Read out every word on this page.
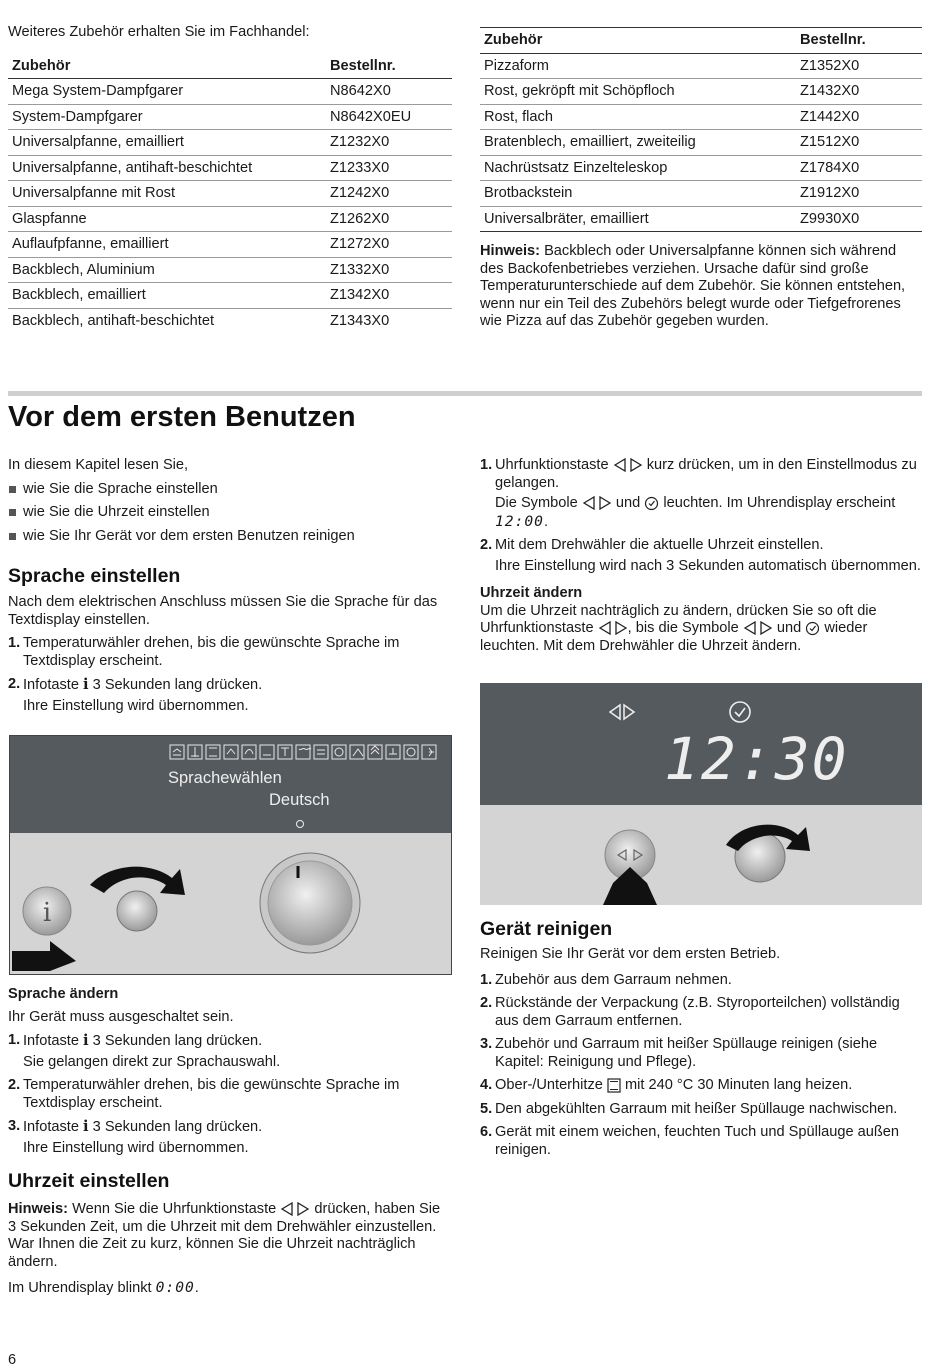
Weiteres Zubehör erhalten Sie im Fachhandel:

Zubehör	Bestellnr.
Mega System-Dampfgarer	N8642X0
System-Dampfgarer	N8642X0EU
Universalpfanne, emailliert	Z1232X0
Universalpfanne, antihaft-beschichtet	Z1233X0
Universalpfanne mit Rost	Z1242X0
Glaspfanne	Z1262X0
Auflaufpfanne, emailliert	Z1272X0
Backblech, Aluminium	Z1332X0
Backblech, emailliert	Z1342X0
Backblech, antihaft-beschichtet	Z1343X0
Zubehör	Bestellnr.
Pizzaform	Z1352X0
Rost, gekröpft mit Schöpfloch	Z1432X0
Rost, flach	Z1442X0
Bratenblech, emailliert, zweiteilig	Z1512X0
Nachrüstsatz Einzelteleskop	Z1784X0
Brotbackstein	Z1912X0
Universalbräter, emailliert	Z9930X0

Hinweis: Backblech oder Universalpfanne können sich während des Backofenbetriebes verziehen. Ursache dafür sind große Temperaturunterschiede auf dem Zubehör. Sie können entstehen, wenn nur ein Teil des Zubehörs belegt wurde oder Tiefgefrorenes wie Pizza auf das Zubehör gegeben wurden.

Vor dem ersten Benutzen

In diesem Kapitel lesen Sie,

wie Sie die Sprache einstellen
wie Sie die Uhrzeit einstellen
wie Sie Ihr Gerät vor dem ersten Benutzen reinigen
Sprache einstellen

Nach dem elektrischen Anschluss müssen Sie die Sprache für das Textdisplay einstellen.

1. Temperaturwähler drehen, bis die gewünschte Sprache im Textdisplay erscheint.
2. Infotaste i 3 Sekunden lang drücken.
Ihre Einstellung wird übernommen.
Sprachewählen
Deutsch
i
Sprache ändern

Ihr Gerät muss ausgeschaltet sein.

1. Infotaste i 3 Sekunden lang drücken.
Sie gelangen direkt zur Sprachauswahl.
2. Temperaturwähler drehen, bis die gewünschte Sprache im Textdisplay erscheint.
3. Infotaste i 3 Sekunden lang drücken.
Ihre Einstellung wird übernommen.
Uhrzeit einstellen

Hinweis: Wenn Sie die Uhrfunktionstaste	drücken, haben Sie 3 Sekunden Zeit, um die Uhrzeit mit dem Drehwähler einzustellen. War Ihnen die Zeit zu kurz, können Sie die Uhrzeit nachträglich ändern.

Im Uhrendisplay blinkt 0:00.

1. Uhrfunktionstaste	kurz drücken, um in den Einstellmodus zu gelangen.
Die Symbole	und leuchten. Im Uhrendisplay erscheint 12:00.
2. Mit dem Drehwähler die aktuelle Uhrzeit einstellen.
Ihre Einstellung wird nach 3 Sekunden automatisch übernommen.
Uhrzeit ändern

Um die Uhrzeit nachträglich zu ändern, drücken Sie so oft die Uhrfunktionstaste , bis die Symbole	und wieder leuchten. Mit dem Drehwähler die Uhrzeit ändern.

12:30
Gerät reinigen

Reinigen Sie Ihr Gerät vor dem ersten Betrieb.

1. Zubehör aus dem Garraum nehmen.
2. Rückstände der Verpackung (z.B. Styroporteilchen) vollständig aus dem Garraum entfernen.
3. Zubehör und Garraum mit heißer Spüllauge reinigen (siehe Kapitel: Reinigung und Pflege).
4. Ober-/Unterhitze mit 240 °C 30 Minuten lang heizen.
5. Den abgekühlten Garraum mit heißer Spüllauge nachwischen.
6. Gerät mit einem weichen, feuchten Tuch und Spüllauge außen reinigen.
6
